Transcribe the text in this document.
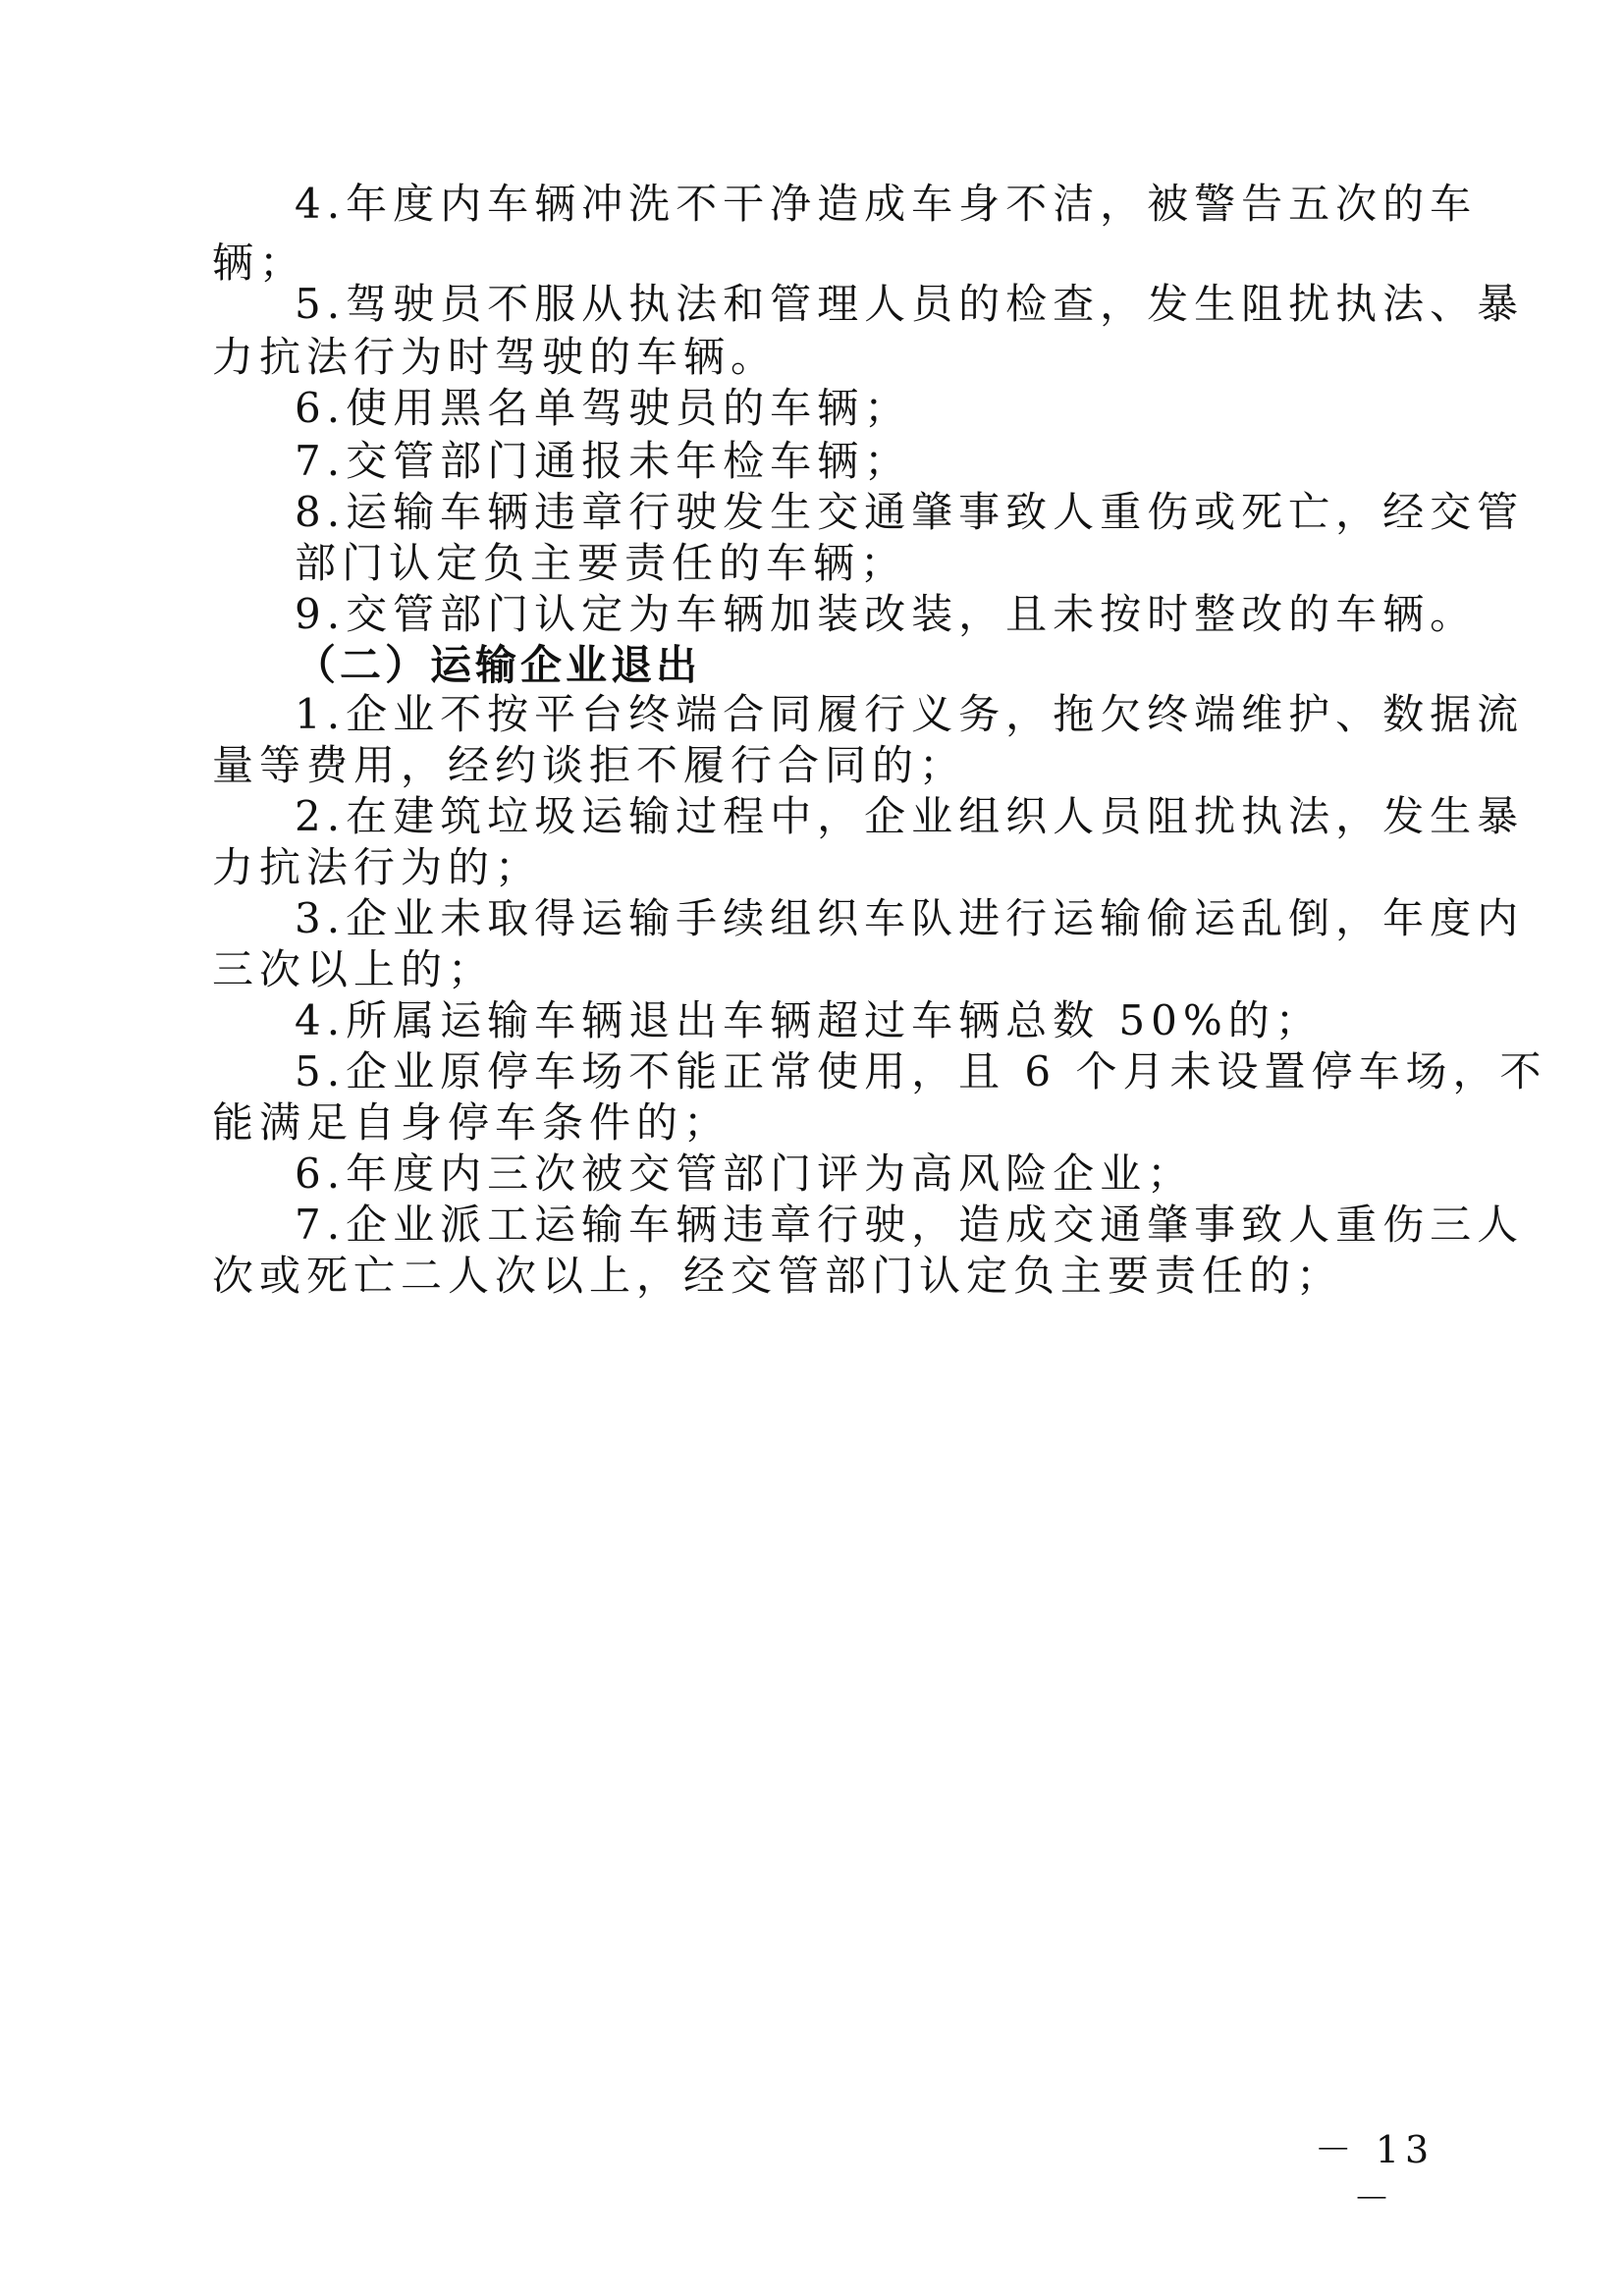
4.年度内车辆冲洗不干净造成车身不洁，被警告五次的车
辆；
5.驾驶员不服从执法和管理人员的检查，发生阻扰执法、暴
力抗法行为时驾驶的车辆。
6.使用黑名单驾驶员的车辆；
7.交管部门通报未年检车辆；
8.运输车辆违章行驶发生交通肇事致人重伤或死亡，经交管
部门认定负主要责任的车辆；
9.交管部门认定为车辆加装改装，且未按时整改的车辆。
（二）运输企业退出
1.企业不按平台终端合同履行义务，拖欠终端维护、数据流
量等费用，经约谈拒不履行合同的；
2.在建筑垃圾运输过程中，企业组织人员阻扰执法，发生暴
力抗法行为的；
3.企业未取得运输手续组织车队进行运输偷运乱倒，年度内
三次以上的；
4.所属运输车辆退出车辆超过车辆总数 50%的；
5.企业原停车场不能正常使用，且 6 个月未设置停车场，不
能满足自身停车条件的；
6.年度内三次被交管部门评为高风险企业；
7.企业派工运输车辆违章行驶，造成交通肇事致人重伤三人
次或死亡二人次以上，经交管部门认定负主要责任的；
－ 13 －
